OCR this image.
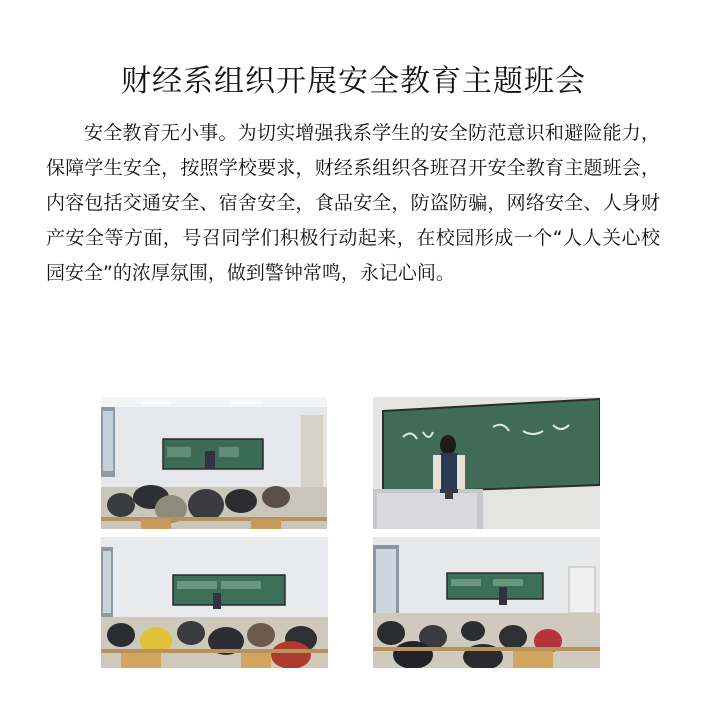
财经系组织开展安全教育主题班会
安全教育无小事。为切实增强我系学生的安全防范意识和避险能力，保障学生安全，按照学校要求，财经系组织各班召开安全教育主题班会，内容包括交通安全、宿舍安全，食品安全，防盗防骗，网络安全、人身财产安全等方面，号召同学们积极行动起来，在校园形成一个“人人关心校园安全”的浓厚氛围，做到警钟常鸣，永记心间。
